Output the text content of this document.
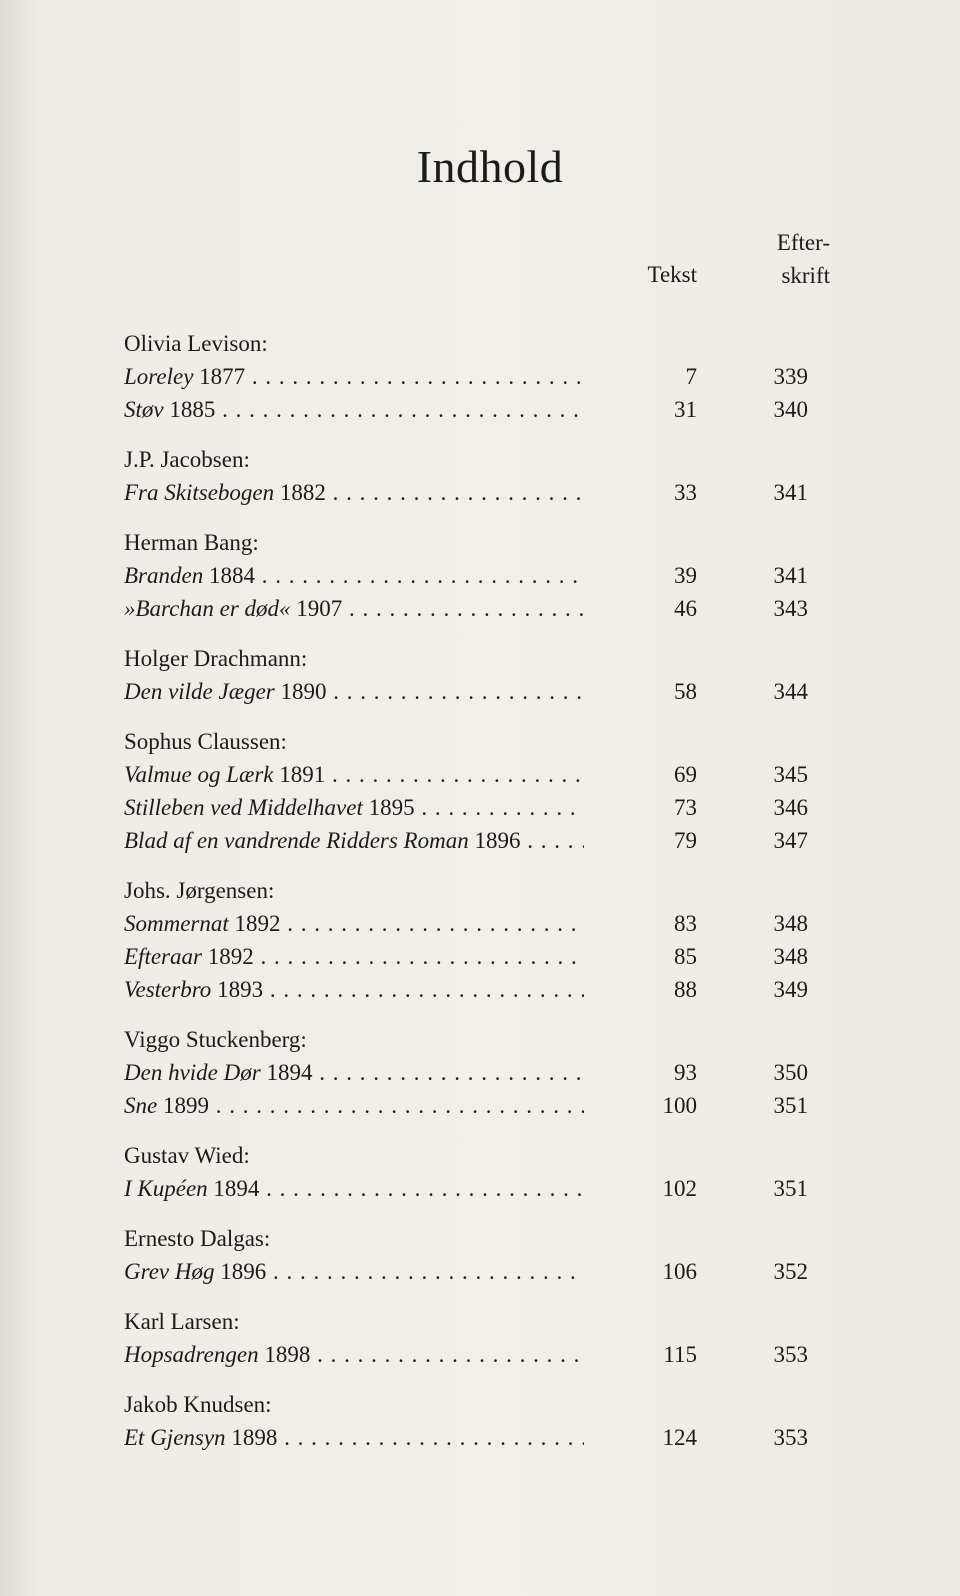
Indhold
Tekst
Efter-
skrift
Olivia Levison:
Loreley 1877 . . .	7	339
Støv 1885 . . .	31	340
J.P. Jacobsen:
Fra Skitsebogen 1882 . . .	33	341
Herman Bang:
Branden 1884 . . .	39	341
»Barchan er død« 1907 . . .	46	343
Holger Drachmann:
Den vilde Jæger 1890 . . .	58	344
Sophus Claussen:
Valmue og Lærk 1891 . . .	69	345
Stilleben ved Middelhavet 1895 . . .	73	346
Blad af en vandrende Ridders Roman 1896 . . .	79	347
Johs. Jørgensen:
Sommernat 1892 . . .	83	348
Efteraar 1892 . . .	85	348
Vesterbro 1893 . . .	88	349
Viggo Stuckenberg:
Den hvide Dør 1894 . . .	93	350
Sne 1899 . . .	100	351
Gustav Wied:
I Kupéen 1894 . . .	102	351
Ernesto Dalgas:
Grev Høg 1896 . . .	106	352
Karl Larsen:
Hopsadrengen 1898 . . .	115	353
Jakob Knudsen:
Et Gjensyn 1898 . . .	124	353
